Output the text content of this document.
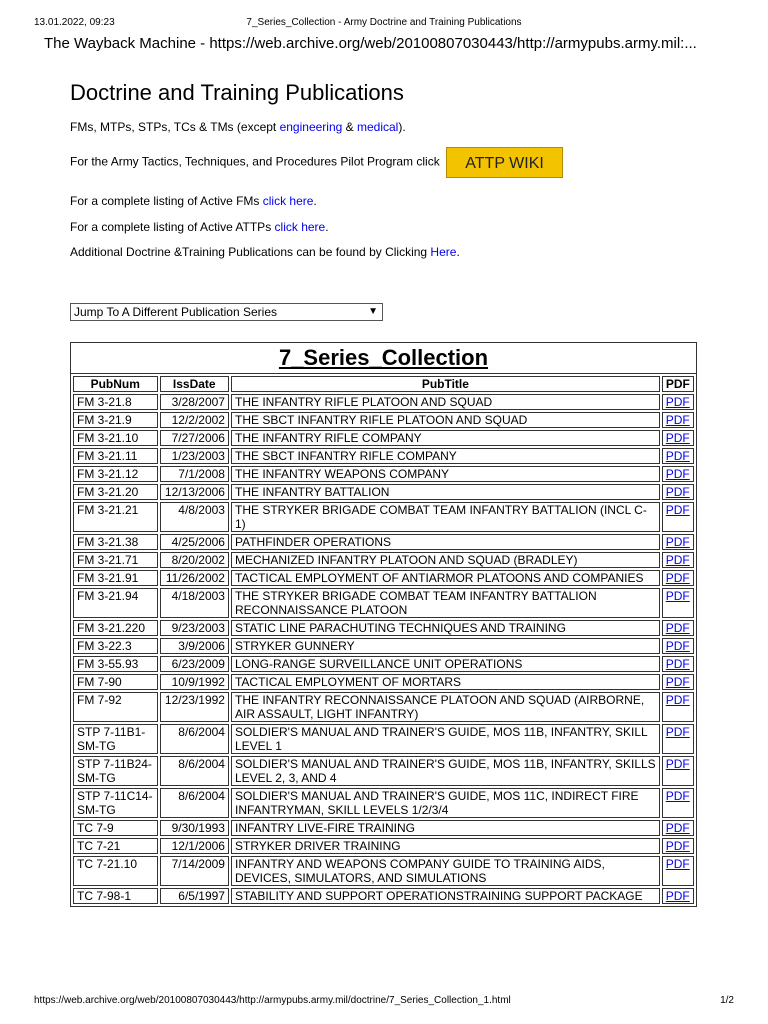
13.01.2022, 09:23	7_Series_Collection - Army Doctrine and Training Publications
The Wayback Machine - https://web.archive.org/web/20100807030443/http://armypubs.army.mil:...
Doctrine and Training Publications
FMs, MTPs, STPs, TCs & TMs (except engineering & medical).
For the Army Tactics, Techniques, and Procedures Pilot Program click ATTP WIKI
For a complete listing of Active FMs click here.
For a complete listing of Active ATTPs click here.
Additional Doctrine &Training Publications can be found by Clicking Here.
Jump To A Different Publication Series	▼
7_Series_Collection
PubNum	IssDate	PubTitle	PDF
FM 3-21.8	3/28/2007	THE INFANTRY RIFLE PLATOON AND SQUAD	PDF
FM 3-21.9	12/2/2002	THE SBCT INFANTRY RIFLE PLATOON AND SQUAD	PDF
FM 3-21.10	7/27/2006	THE INFANTRY RIFLE COMPANY	PDF
FM 3-21.11	1/23/2003	THE SBCT INFANTRY RIFLE COMPANY	PDF
FM 3-21.12	7/1/2008	THE INFANTRY WEAPONS COMPANY	PDF
FM 3-21.20	12/13/2006	THE INFANTRY BATTALION	PDF
FM 3-21.21	4/8/2003	THE STRYKER BRIGADE COMBAT TEAM INFANTRY BATTALION (INCL C-1)	PDF
FM 3-21.38	4/25/2006	PATHFINDER OPERATIONS	PDF
FM 3-21.71	8/20/2002	MECHANIZED INFANTRY PLATOON AND SQUAD (BRADLEY)	PDF
FM 3-21.91	11/26/2002	TACTICAL EMPLOYMENT OF ANTIARMOR PLATOONS AND COMPANIES	PDF
FM 3-21.94	4/18/2003	THE STRYKER BRIGADE COMBAT TEAM INFANTRY BATTALION RECONNAISSANCE PLATOON	PDF
FM 3-21.220	9/23/2003	STATIC LINE PARACHUTING TECHNIQUES AND TRAINING	PDF
FM 3-22.3	3/9/2006	STRYKER GUNNERY	PDF
FM 3-55.93	6/23/2009	LONG-RANGE SURVEILLANCE UNIT OPERATIONS	PDF
FM 7-90	10/9/1992	TACTICAL EMPLOYMENT OF MORTARS	PDF
FM 7-92	12/23/1992	THE INFANTRY RECONNAISSANCE PLATOON AND SQUAD (AIRBORNE, AIR ASSAULT, LIGHT INFANTRY)	PDF
STP 7-11B1-SM-TG	8/6/2004	SOLDIER'S MANUAL AND TRAINER'S GUIDE, MOS 11B, INFANTRY, SKILL LEVEL 1	PDF
STP 7-11B24-SM-TG	8/6/2004	SOLDIER'S MANUAL AND TRAINER'S GUIDE, MOS 11B, INFANTRY, SKILLS LEVEL 2, 3, AND 4	PDF
STP 7-11C14-SM-TG	8/6/2004	SOLDIER'S MANUAL AND TRAINER'S GUIDE, MOS 11C, INDIRECT FIRE INFANTRYMAN, SKILL LEVELS 1/2/3/4	PDF
TC 7-9	9/30/1993	INFANTRY LIVE-FIRE TRAINING	PDF
TC 7-21	12/1/2006	STRYKER DRIVER TRAINING	PDF
TC 7-21.10	7/14/2009	INFANTRY AND WEAPONS COMPANY GUIDE TO TRAINING AIDS, DEVICES, SIMULATORS, AND SIMULATIONS	PDF
TC 7-98-1	6/5/1997	STABILITY AND SUPPORT OPERATIONSTRAINING SUPPORT PACKAGE	PDF
https://web.archive.org/web/20100807030443/http://armypubs.army.mil/doctrine/7_Series_Collection_1.html	1/2
